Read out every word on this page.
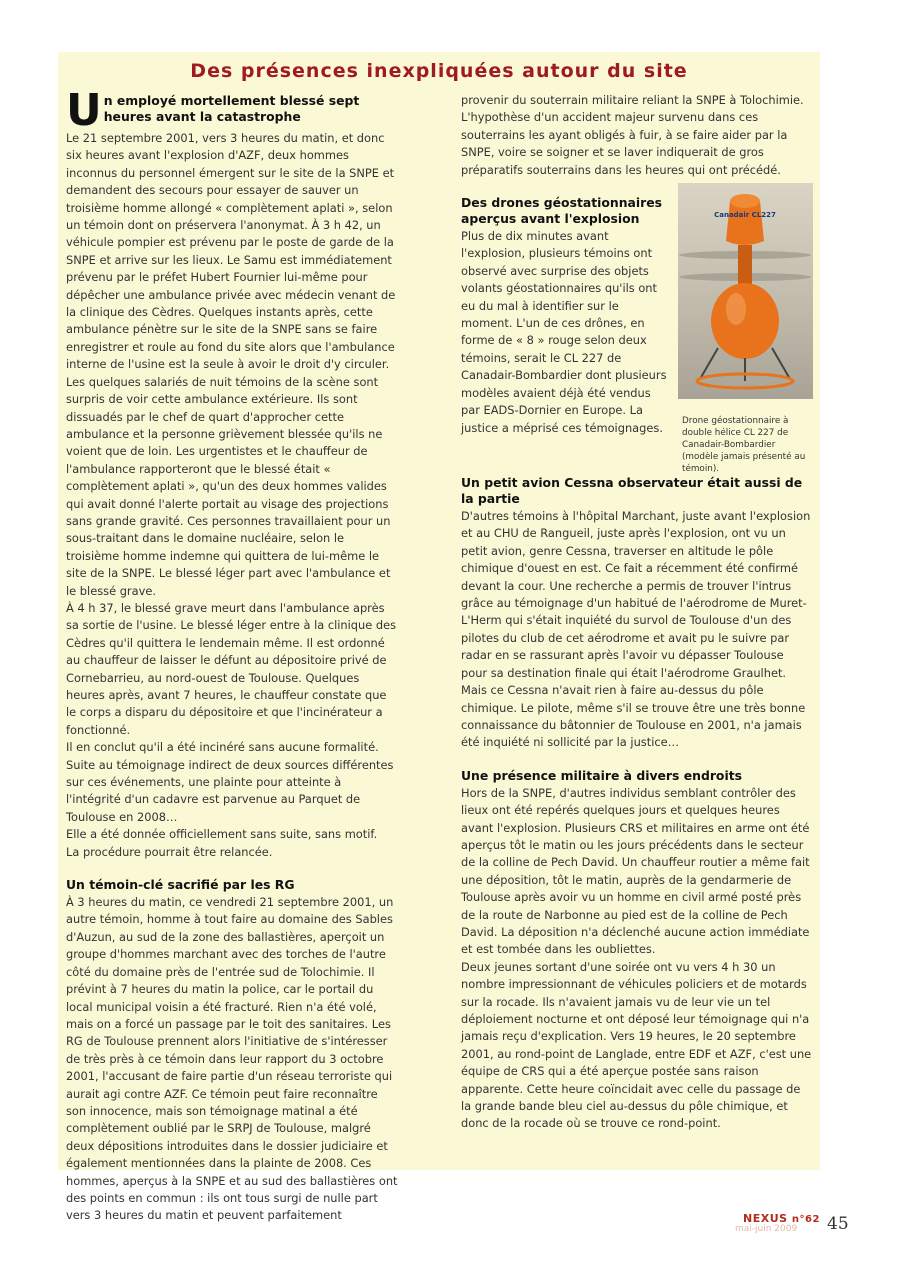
Des présences inexpliquées autour du site
U n employé mortellement blessé sept heures avant la catastrophe

Le 21 septembre 2001, vers 3 heures du matin, et donc six heures avant l'explosion d'AZF, deux hommes inconnus du personnel émergent sur le site de la SNPE et demandent des secours pour essayer de sauver un troisième homme allongé « complètement aplati », selon un témoin dont on préservera l'anonymat. À 3 h 42, un véhicule pompier est prévenu par le poste de garde de la SNPE et arrive sur les lieux. Le Samu est immédiatement prévenu par le préfet Hubert Fournier lui-même pour dépêcher une ambulance privée avec médecin venant de la clinique des Cèdres. Quelques instants après, cette ambulance pénètre sur le site de la SNPE sans se faire enregistrer et roule au fond du site alors que l'ambulance interne de l'usine est la seule à avoir le droit d'y circuler. Les quelques salariés de nuit témoins de la scène sont surpris de voir cette ambulance extérieure. Ils sont dissuadés par le chef de quart d'approcher cette ambulance et la personne grièvement blessée qu'ils ne voient que de loin. Les urgentistes et le chauffeur de l'ambulance rapporteront que le blessé était « complètement aplati », qu'un des deux hommes valides qui avait donné l'alerte portait au visage des projections sans grande gravité. Ces personnes travaillaient pour un sous-traitant dans le domaine nucléaire, selon le troisième homme indemne qui quittera de lui-même le site de la SNPE. Le blessé léger part avec l'ambulance et le blessé grave.

À 4 h 37, le blessé grave meurt dans l'ambulance après sa sortie de l'usine. Le blessé léger entre à la clinique des Cèdres qu'il quittera le lendemain même. Il est ordonné au chauffeur de laisser le défunt au dépositoire privé de Cornebarrieu, au nord-ouest de Toulouse. Quelques heures après, avant 7 heures, le chauffeur constate que le corps a disparu du dépositoire et que l'incinérateur a fonctionné.

Il en conclut qu'il a été incinéré sans aucune formalité. Suite au témoignage indirect de deux sources différentes sur ces événements, une plainte pour atteinte à l'intégrité d'un cadavre est parvenue au Parquet de Toulouse en 2008…

Elle a été donnée officiellement sans suite, sans motif.

La procédure pourrait être relancée.

Un témoin-clé sacrifié par les RG

À 3 heures du matin, ce vendredi 21 septembre 2001, un autre témoin, homme à tout faire au domaine des Sables d'Auzun, au sud de la zone des ballastières, aperçoit un groupe d'hommes marchant avec des torches de l'autre côté du domaine près de l'entrée sud de Tolochimie. Il prévint à 7 heures du matin la police, car le portail du local municipal voisin a été fracturé. Rien n'a été volé, mais on a forcé un passage par le toit des sanitaires. Les RG de Toulouse prennent alors l'initiative de s'intéresser de très près à ce témoin dans leur rapport du 3 octobre 2001, l'accusant de faire partie d'un réseau terroriste qui aurait agi contre AZF. Ce témoin peut faire reconnaître son innocence, mais son témoignage matinal a été complètement oublié par le SRPJ de Toulouse, malgré deux dépositions introduites dans le dossier judiciaire et également mentionnées dans la plainte de 2008. Ces hommes, aperçus à la SNPE et au sud des ballastières ont des points en commun : ils ont tous surgi de nulle part vers 3 heures du matin et peuvent parfaitement

provenir du souterrain militaire reliant la SNPE à Tolochimie. L'hypothèse d'un accident majeur survenu dans ces souterrains les ayant obligés à fuir, à se faire aider par la SNPE, voire se soigner et se laver indiquerait de gros préparatifs souterrains dans les heures qui ont précédé.

Canadair CL227
Drone géostationnaire à double hélice CL 227 de Canadair-Bombardier (modèle jamais présenté au témoin).
Des drones géostationnaires aperçus avant l'explosion

Plus de dix minutes avant l'explosion, plusieurs témoins ont observé avec surprise des objets volants géostationnaires qu'ils ont eu du mal à identifier sur le moment. L'un de ces drônes, en forme de « 8 » rouge selon deux témoins, serait le CL 227 de Canadair-Bombardier dont plusieurs modèles avaient déjà été vendus par EADS-Dornier en Europe. La justice a méprisé ces témoignages.

Un petit avion Cessna observateur était aussi de la partie

D'autres témoins à l'hôpital Marchant, juste avant l'explosion et au CHU de Rangueil, juste après l'explosion, ont vu un petit avion, genre Cessna, traverser en altitude le pôle chimique d'ouest en est. Ce fait a récemment été confirmé devant la cour. Une recherche a permis de trouver l'intrus grâce au témoignage d'un habitué de l'aérodrome de Muret-L'Herm qui s'était inquiété du survol de Toulouse d'un des pilotes du club de cet aérodrome et avait pu le suivre par radar en se rassurant après l'avoir vu dépasser Toulouse pour sa destination finale qui était l'aérodrome Graulhet. Mais ce Cessna n'avait rien à faire au-dessus du pôle chimique. Le pilote, même s'il se trouve être une très bonne connaissance du bâtonnier de Toulouse en 2001, n'a jamais été inquiété ni sollicité par la justice…

Une présence militaire à divers endroits

Hors de la SNPE, d'autres individus semblant contrôler des lieux ont été repérés quelques jours et quelques heures avant l'explosion. Plusieurs CRS et militaires en arme ont été aperçus tôt le matin ou les jours précédents dans le secteur de la colline de Pech David. Un chauffeur routier a même fait une déposition, tôt le matin, auprès de la gendarmerie de Toulouse après avoir vu un homme en civil armé posté près de la route de Narbonne au pied est de la colline de Pech David. La déposition n'a déclenché aucune action immédiate et est tombée dans les oubliettes.

Deux jeunes sortant d'une soirée ont vu vers 4 h 30 un nombre impressionnant de véhicules policiers et de motards sur la rocade. Ils n'avaient jamais vu de leur vie un tel déploiement nocturne et ont déposé leur témoignage qui n'a jamais reçu d'explication. Vers 19 heures, le 20 septembre 2001, au rond-point de Langlade, entre EDF et AZF, c'est une équipe de CRS qui a été aperçue postée sans raison apparente. Cette heure coïncidait avec celle du passage de la grande bande bleu ciel au-dessus du pôle chimique, et donc de la rocade où se trouve ce rond-point.

NEXUS n°62
mai-juin 2009 45
